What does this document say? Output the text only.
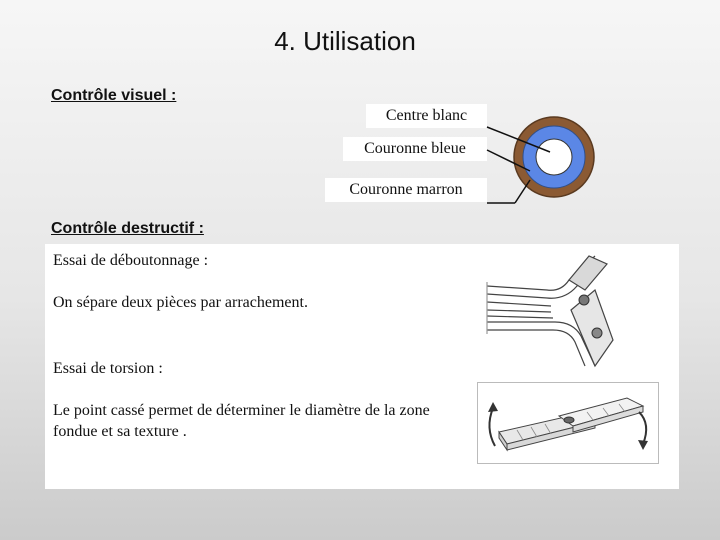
4. Utilisation
Contrôle visuel :
Centre blanc
Couronne bleue
Couronne marron
Contrôle destructif :
Essai de déboutonnage :
On sépare deux pièces par arrachement.
Essai de torsion :
Le point cassé permet de déterminer le diamètre de la zone fondue et sa texture .
